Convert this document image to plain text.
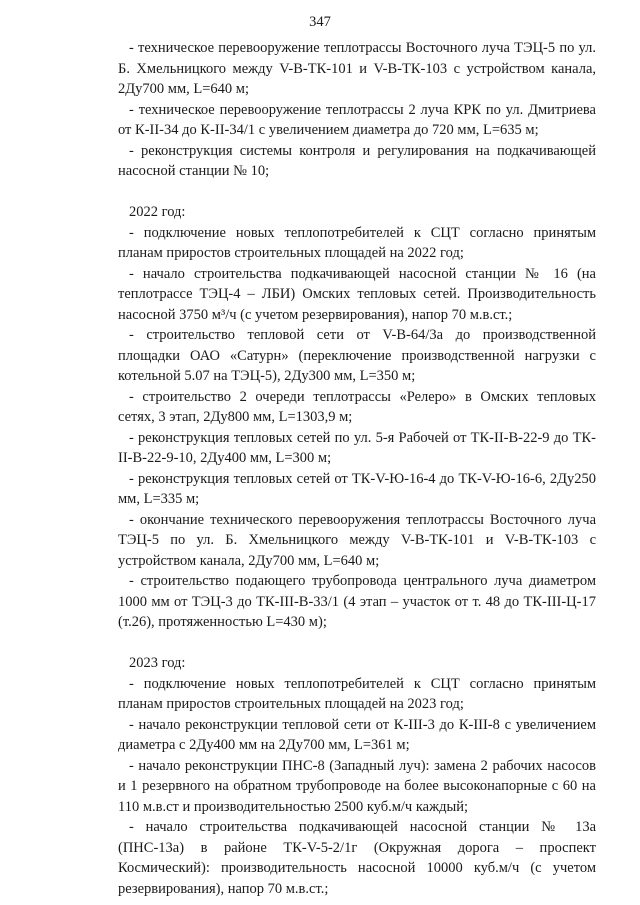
347

- техническое перевооружение теплотрассы Восточного луча ТЭЦ-5 по ул. Б. Хмельницкого между V-В-ТК-101 и V-В-ТК-103 с устройством канала, 2Ду700 мм, L=640 м;

- техническое перевооружение теплотрассы 2 луча КРК по ул. Дмитриева от К-II-34 до К-II-34/1 с увеличением диаметра до 720 мм, L=635 м;

- реконструкция системы контроля и регулирования на подкачивающей насосной станции № 10;

2022 год:

- подключение новых теплопотребителей к СЦТ согласно принятым планам приростов строительных площадей на 2022 год;

- начало строительства подкачивающей насосной станции № 16 (на теплотрассе ТЭЦ-4 – ЛБИ) Омских тепловых сетей. Производительность насосной 3750 м³/ч (с учетом резервирования), напор 70 м.в.ст.;

- строительство тепловой сети от V-В-64/3а до производственной площадки ОАО «Сатурн» (переключение производственной нагрузки с котельной 5.07 на ТЭЦ-5), 2Ду300 мм, L=350 м;

- строительство 2 очереди теплотрассы «Релеро» в Омских тепловых сетях, 3 этап, 2Ду800 мм, L=1303,9 м;

- реконструкция тепловых сетей по ул. 5-я Рабочей от ТК-II-В-22-9 до ТК-II-В-22-9-10, 2Ду400 мм, L=300 м;

- реконструкция тепловых сетей от ТК-V-Ю-16-4 до ТК-V-Ю-16-6, 2Ду250 мм, L=335 м;

- окончание технического перевооружения теплотрассы Восточного луча ТЭЦ-5 по ул. Б. Хмельницкого между V-В-ТК-101 и V-В-ТК-103 с устройством канала, 2Ду700 мм, L=640 м;

- строительство подающего трубопровода центрального луча диаметром 1000 мм от ТЭЦ-3 до ТК-III-В-33/1 (4 этап – участок от т. 48 до ТК-III-Ц-17 (т.26), протяженностью L=430 м);

2023 год:

- подключение новых теплопотребителей к СЦТ согласно принятым планам приростов строительных площадей на 2023 год;

- начало реконструкции тепловой сети от К-III-3 до К-III-8 с увеличением диаметра с 2Ду400 мм на 2Ду700 мм, L=361 м;

- начало реконструкции ПНС-8 (Западный луч): замена 2 рабочих насосов и 1 резервного на обратном трубопроводе на более высоконапорные с 60 на 110 м.в.ст и производительностью 2500 куб.м/ч каждый;

- начало строительства подкачивающей насосной станции № 13а (ПНС-13а) в районе ТК-V-5-2/1г (Окружная дорога – проспект Космический): производительность насосной 10000 куб.м/ч (с учетом резервирования), напор 70 м.в.ст.;
